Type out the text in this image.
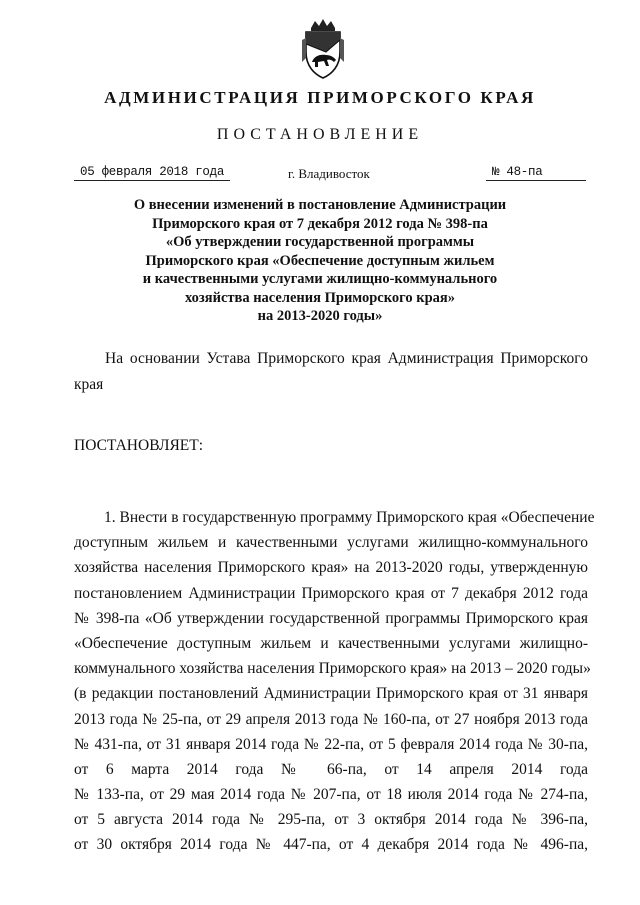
АДМИНИСТРАЦИЯ ПРИМОРСКОГО КРАЯ
ПОСТАНОВЛЕНИЕ
05 февраля 2018 года	г. Владивосток	№ 48-па
О внесении изменений в постановление Администрации
Приморского края от 7 декабря 2012 года № 398-па
«Об утверждении государственной программы
Приморского края «Обеспечение доступным жильем
и качественными услугами жилищно-коммунального
хозяйства населения Приморского края»
на 2013-2020 годы»
На основании Устава Приморского края Администрация Приморского
края
ПОСТАНОВЛЯЕТ:
1. Внести в государственную программу Приморского края «Обеспечение
доступным жильем и качественными услугами жилищно-коммунального
хозяйства населения Приморского края» на 2013-2020 годы, утвержденную
постановлением Администрации Приморского края от 7 декабря 2012 года
№ 398-па «Об утверждении государственной программы Приморского края
«Обеспечение доступным жильем и качественными услугами жилищно-
коммунального хозяйства населения Приморского края» на 2013 – 2020 годы»
(в редакции постановлений Администрации Приморского края от 31 января
2013 года № 25-па, от 29 апреля 2013 года № 160-па, от 27 ноября 2013 года
№ 431-па, от 31 января 2014 года № 22-па, от 5 февраля 2014 года № 30-па,
от 6 марта 2014 года № 66-па, от 14 апреля 2014 года
№ 133-па, от 29 мая 2014 года № 207-па, от 18 июля 2014 года № 274-па,
от 5 августа 2014 года № 295-па, от 3 октября 2014 года № 396-па,
от 30 октября 2014 года № 447-па, от 4 декабря 2014 года № 496-па,
